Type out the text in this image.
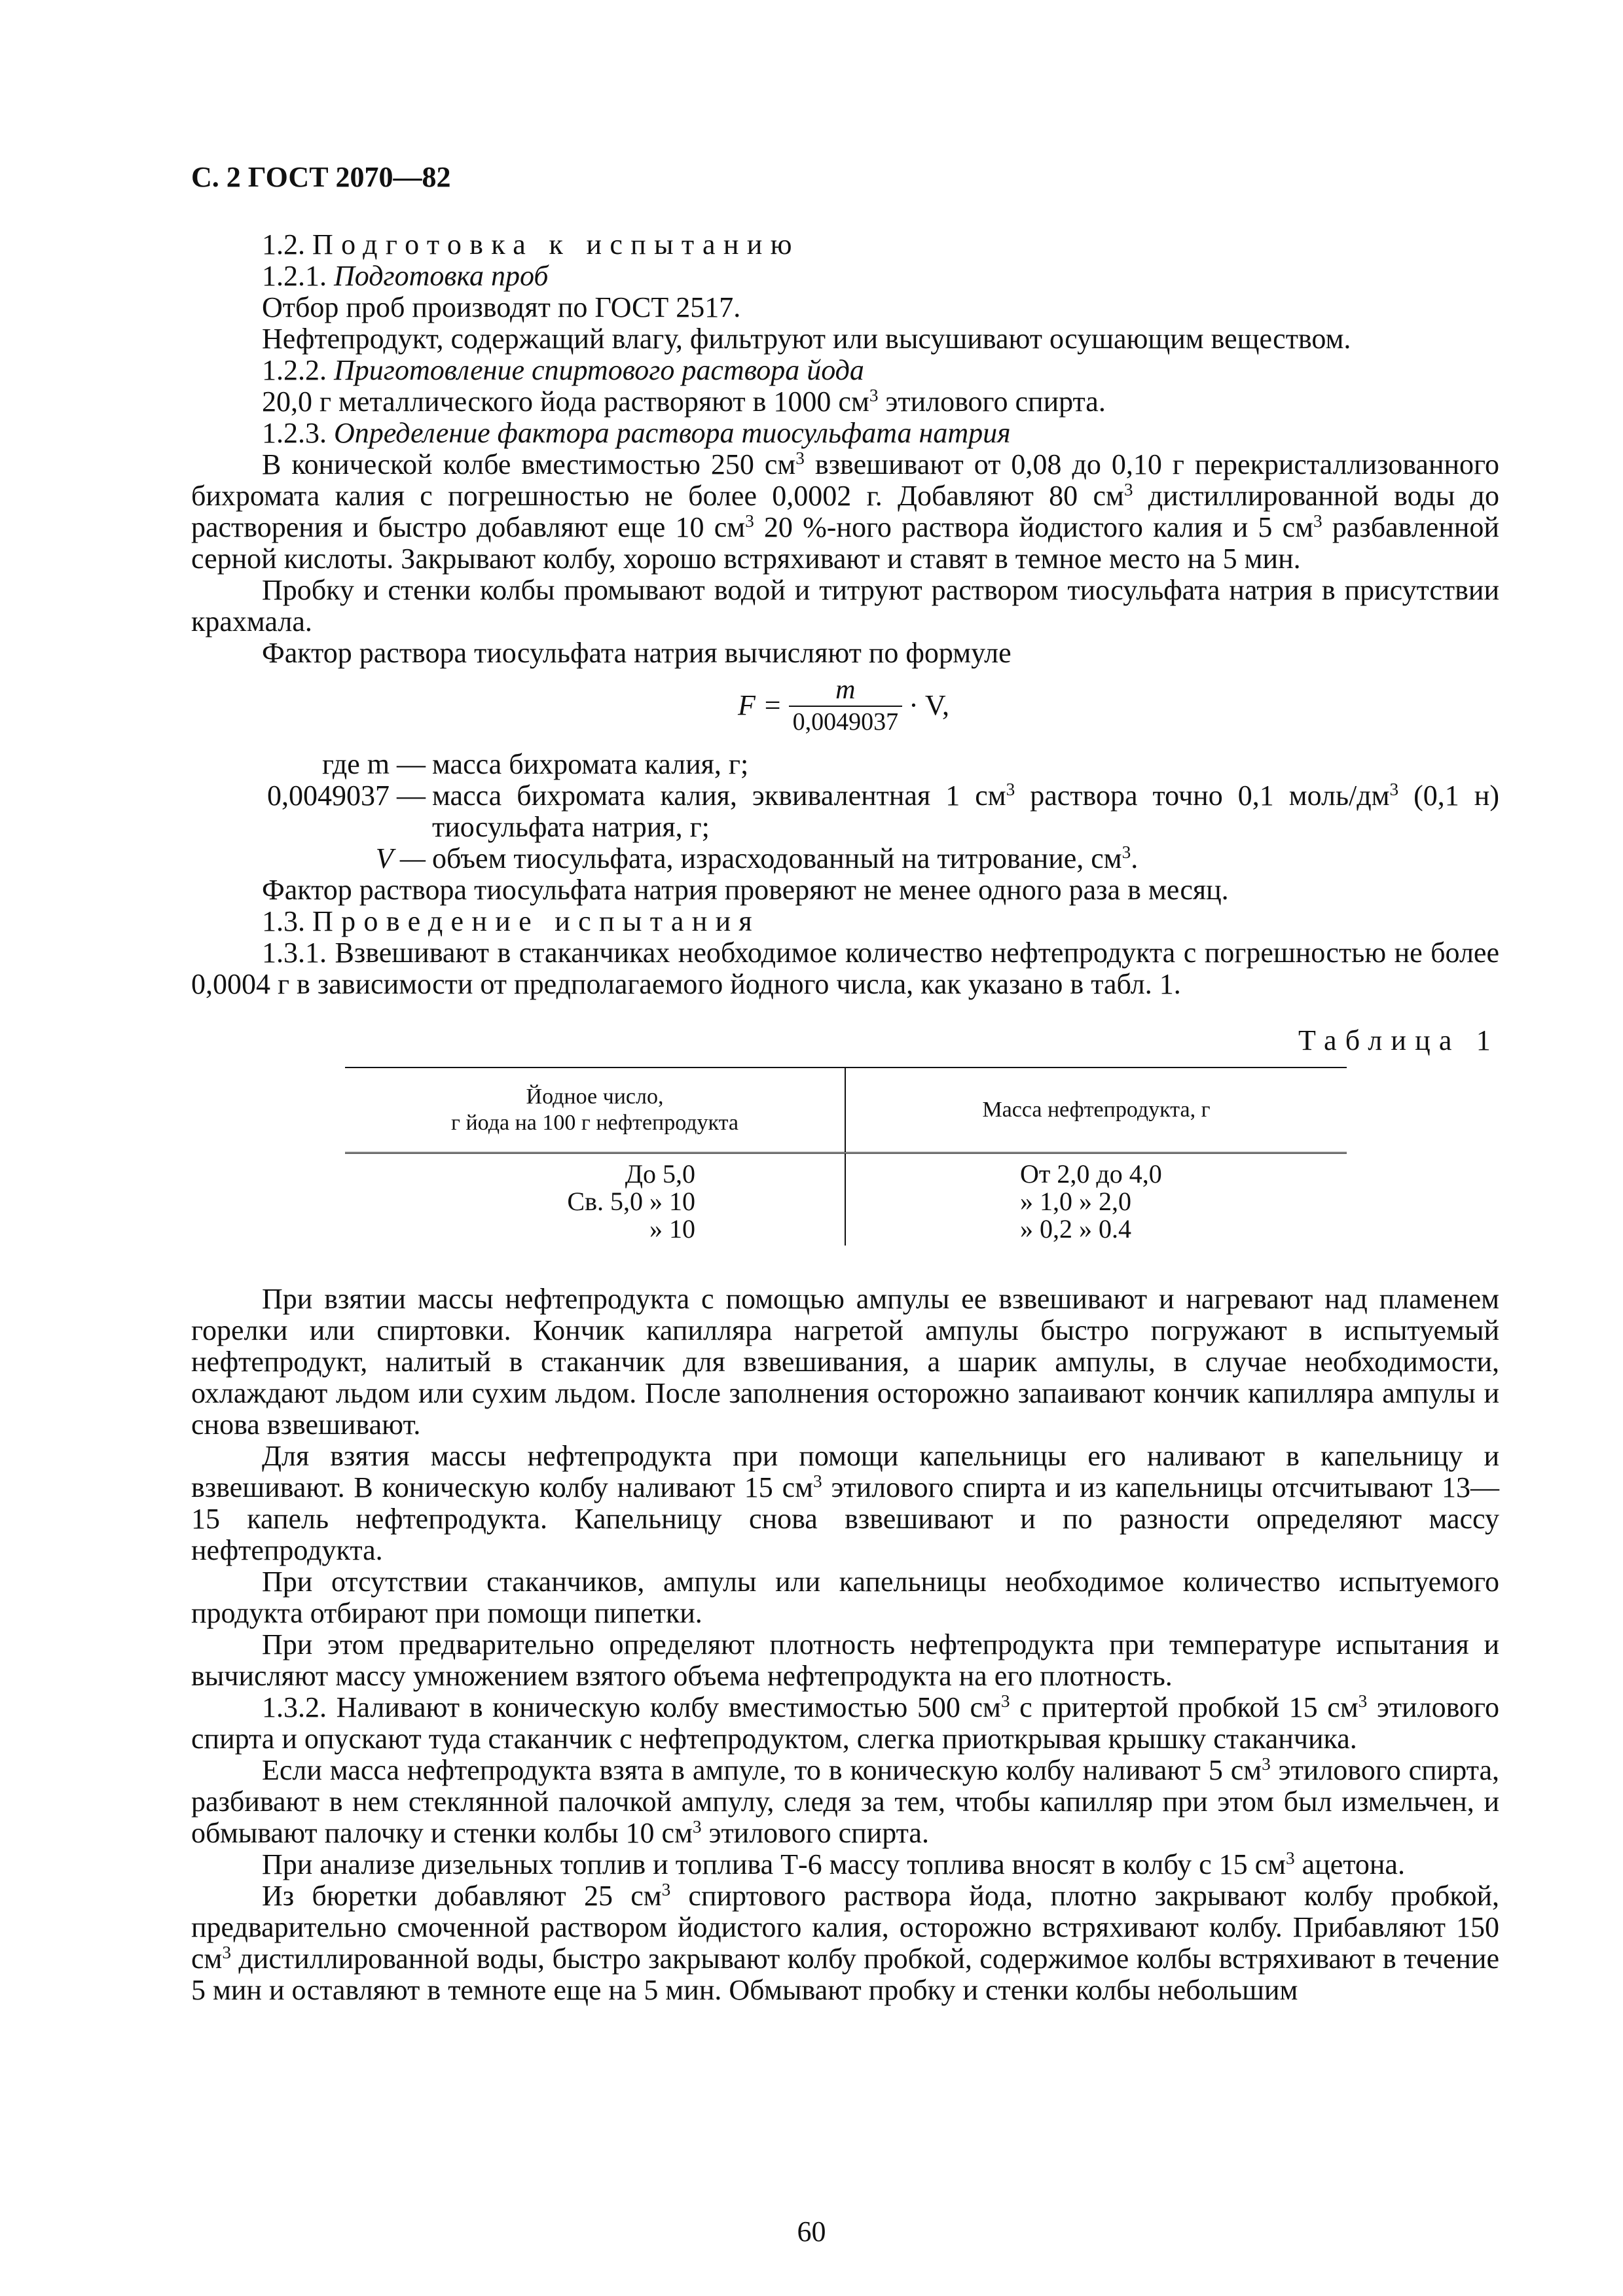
С. 2 ГОСТ 2070—82

1.2. Подготовка к испытанию

1.2.1. Подготовка проб

Отбор проб производят по ГОСТ 2517.

Нефтепродукт, содержащий влагу, фильтруют или высушивают осушающим веществом.

1.2.2. Приготовление спиртового раствора йода

20,0 г металлического йода растворяют в 1000 $см^3$ этилового спирта.

1.2.3. Определение фактора раствора тиосульфата натрия

В конической колбе вместимостью 250 $см^3$ взвешивают от 0,08 до 0,10 г перекристаллизованного бихромата калия с погрешностью не более 0,0002 г. Добавляют 80 $см^3$ дистиллированной воды до растворения и быстро добавляют еще 10 $см^3$ 20 %-ного раствора йодистого калия и 5 $см^3$ разбавленной серной кислоты. Закрывают колбу, хорошо встряхивают и ставят в темное место на 5 мин.

Пробку и стенки колбы промывают водой и титруют раствором тиосульфата натрия в присутствии крахмала.

Фактор раствора тиосульфата натрия вычисляют по формуле

$F = \frac{m}{0,0049037} \cdot V$,
где m — масса бихромата калия, г;
0,0049037 — масса бихромата калия, эквивалентная 1 $см^3$ раствора точно 0,1 моль/$дм^3$ (0,1 н) тиосульфата натрия, г;
V — объем тиосульфата, израсходованный на титрование, $см^3$.

Фактор раствора тиосульфата натрия проверяют не менее одного раза в месяц.

1.3. Проведение испытания

1.3.1. Взвешивают в стаканчиках необходимое количество нефтепродукта с погрешностью не более 0,0004 г в зависимости от предполагаемого йодного числа, как указано в табл. 1.

Таблица 1
Йодное число,
г йода на 100 г нефтепродукта
Масса нефтепродукта, г
До 5,0
Св. 5,0 » 10
» 10
От 2,0 до 4,0
» 1,0 » 2,0
» 0,2 » 0.4

При взятии массы нефтепродукта с помощью ампулы ее взвешивают и нагревают над пламенем горелки или спиртовки. Кончик капилляра нагретой ампулы быстро погружают в испытуемый нефтепродукт, налитый в стаканчик для взвешивания, а шарик ампулы, в случае необходимости, охлаждают льдом или сухим льдом. После заполнения осторожно запаивают кончик капилляра ампулы и снова взвешивают.

Для взятия массы нефтепродукта при помощи капельницы его наливают в капельницу и взвешивают. В коническую колбу наливают 15 $см^3$ этилового спирта и из капельницы отсчитывают 13—15 капель нефтепродукта. Капельницу снова взвешивают и по разности определяют массу нефтепродукта.

При отсутствии стаканчиков, ампулы или капельницы необходимое количество испытуемого продукта отбирают при помощи пипетки.

При этом предварительно определяют плотность нефтепродукта при температуре испытания и вычисляют массу умножением взятого объема нефтепродукта на его плотность.

1.3.2. Наливают в коническую колбу вместимостью 500 $см^3$ с притертой пробкой 15 $см^3$ этилового спирта и опускают туда стаканчик с нефтепродуктом, слегка приоткрывая крышку стаканчика.

Если масса нефтепродукта взята в ампуле, то в коническую колбу наливают 5 $см^3$ этилового спирта, разбивают в нем стеклянной палочкой ампулу, следя за тем, чтобы капилляр при этом был измельчен, и обмывают палочку и стенки колбы 10 $см^3$ этилового спирта.

При анализе дизельных топлив и топлива Т-6 массу топлива вносят в колбу с 15 $см^3$ ацетона.

Из бюретки добавляют 25 $см^3$ спиртового раствора йода, плотно закрывают колбу пробкой, предварительно смоченной раствором йодистого калия, осторожно встряхивают колбу. Прибавляют 150 $см^3$ дистиллированной воды, быстро закрывают колбу пробкой, содержимое колбы встряхивают в течение 5 мин и оставляют в темноте еще на 5 мин. Обмывают пробку и стенки колбы небольшим

60
